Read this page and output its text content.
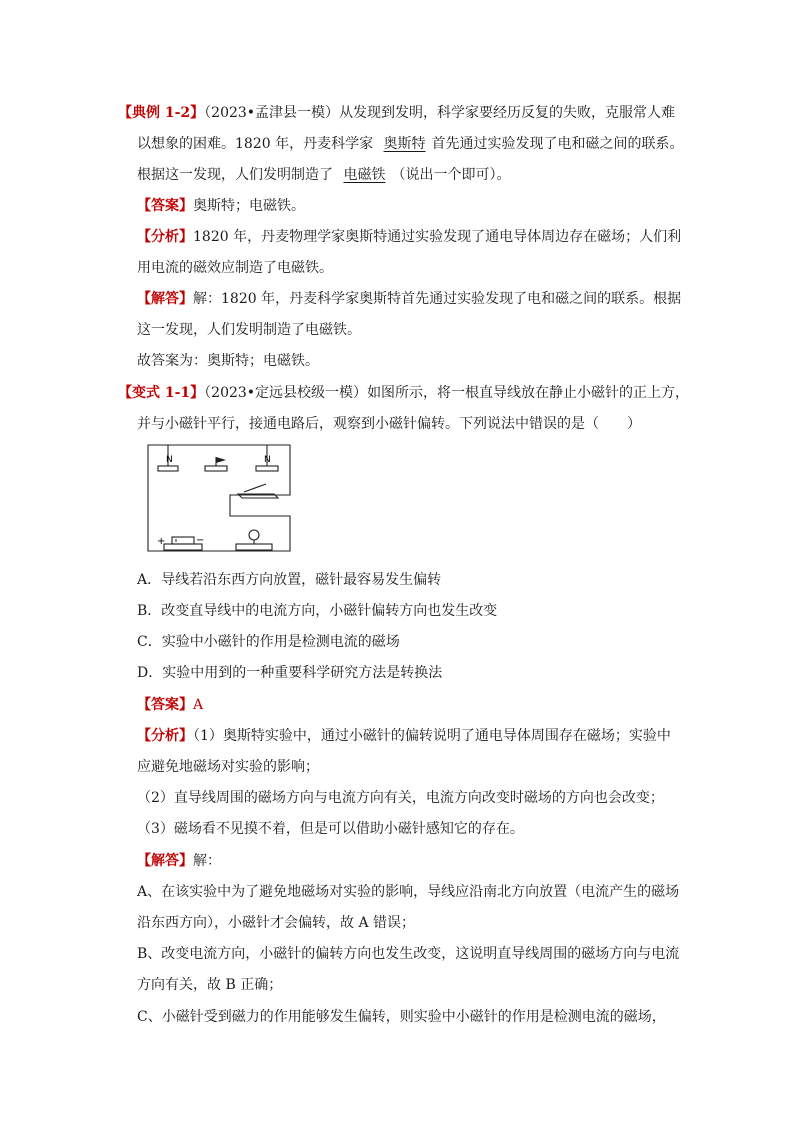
【典例 1-2】（2023•孟津县一模）从发现到发明，科学家要经历反复的失败，克服常人难
以想象的困难。1820 年，丹麦科学家 奥斯特 首先通过实验发现了电和磁之间的联系。
根据这一发现，人们发明制造了 电磁铁 （说出一个即可）。
【答案】奥斯特；电磁铁。
【分析】1820 年，丹麦物理学家奥斯特通过实验发现了通电导体周边存在磁场；人们利
用电流的磁效应制造了电磁铁。
【解答】解：1820 年，丹麦科学家奥斯特首先通过实验发现了电和磁之间的联系。根据
这一发现，人们发明制造了电磁铁。
故答案为：奥斯特；电磁铁。
【变式 1-1】（2023•定远县校级一模）如图所示，将一根直导线放在静止小磁针的正上方，
并与小磁针平行，接通电路后，观察到小磁针偏转。下列说法中错误的是（　　）
N	N
+	−
A．导线若沿东西方向放置，磁针最容易发生偏转
B．改变直导线中的电流方向，小磁针偏转方向也发生改变
C．实验中小磁针的作用是检测电流的磁场
D．实验中用到的一种重要科学研究方法是转换法
【答案】A
【分析】（1）奥斯特实验中，通过小磁针的偏转说明了通电导体周围存在磁场；实验中
应避免地磁场对实验的影响；
（2）直导线周围的磁场方向与电流方向有关，电流方向改变时磁场的方向也会改变；
（3）磁场看不见摸不着，但是可以借助小磁针感知它的存在。
【解答】解：
A、在该实验中为了避免地磁场对实验的影响，导线应沿南北方向放置（电流产生的磁场
沿东西方向），小磁针才会偏转，故 A 错误；
B、改变电流方向，小磁针的偏转方向也发生改变，这说明直导线周围的磁场方向与电流
方向有关，故 B 正确；
C、小磁针受到磁力的作用能够发生偏转，则实验中小磁针的作用是检测电流的磁场，
